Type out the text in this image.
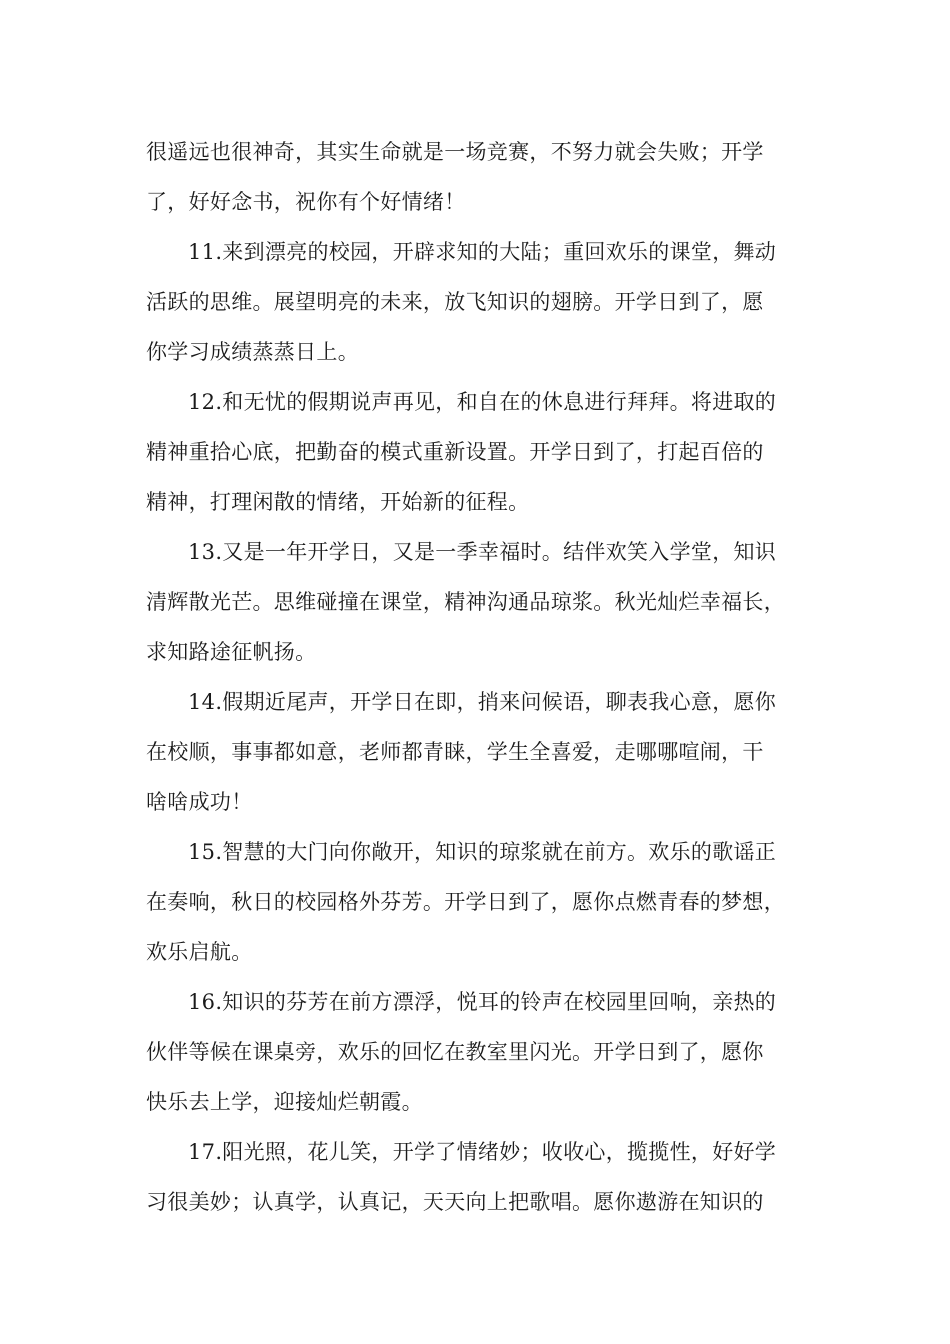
很遥远也很神奇，其实生命就是一场竞赛，不努力就会失败；开学
了，好好念书，祝你有个好情绪！

11.来到漂亮的校园，开辟求知的大陆；重回欢乐的课堂，舞动
活跃的思维。展望明亮的未来，放飞知识的翅膀。开学日到了，愿
你学习成绩蒸蒸日上。

12.和无忧的假期说声再见，和自在的休息进行拜拜。将进取的
精神重拾心底，把勤奋的模式重新设置。开学日到了，打起百倍的
精神，打理闲散的情绪，开始新的征程。

13.又是一年开学日，又是一季幸福时。结伴欢笑入学堂，知识
清辉散光芒。思维碰撞在课堂，精神沟通品琼浆。秋光灿烂幸福长，
求知路途征帆扬。

14.假期近尾声，开学日在即，捎来问候语，聊表我心意，愿你
在校顺，事事都如意，老师都青睐，学生全喜爱，走哪哪喧闹，干
啥啥成功！

15.智慧的大门向你敞开，知识的琼浆就在前方。欢乐的歌谣正
在奏响，秋日的校园格外芬芳。开学日到了，愿你点燃青春的梦想，
欢乐启航。

16.知识的芬芳在前方漂浮，悦耳的铃声在校园里回响，亲热的
伙伴等候在课桌旁，欢乐的回忆在教室里闪光。开学日到了，愿你
快乐去上学，迎接灿烂朝霞。

17.阳光照，花儿笑，开学了情绪妙；收收心，揽揽性，好好学
习很美妙；认真学，认真记，天天向上把歌唱。愿你遨游在知识的
